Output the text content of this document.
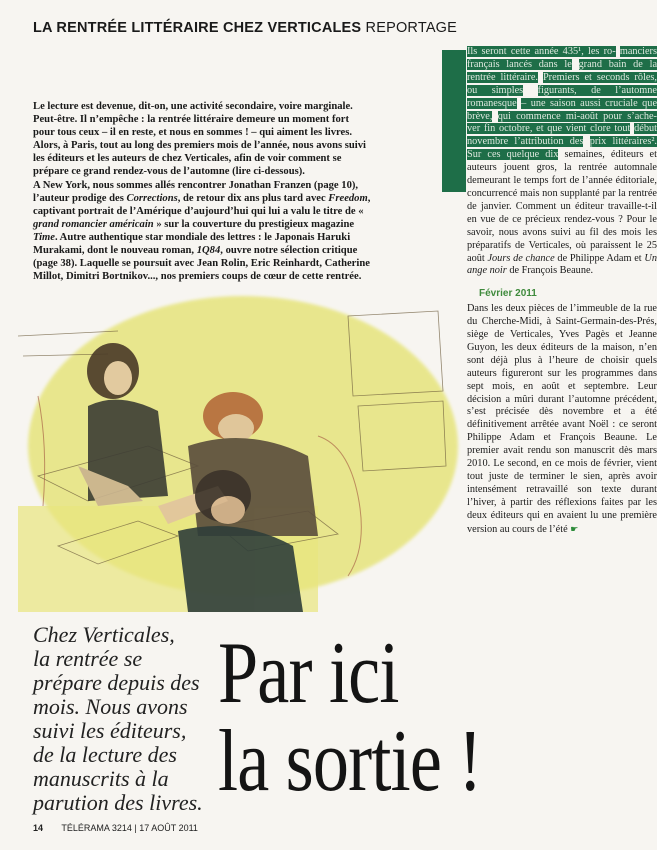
LA RENTRÉE LITTÉRAIRE CHEZ VERTICALES REPORTAGE

Le lecture est devenue, dit-on, une activité secondaire, voire marginale. Peut-être. Il n’empêche : la rentrée littéraire demeure un moment fort pour tous ceux – il en reste, et nous en sommes ! – qui aiment les livres. Alors, à Paris, tout au long des premiers mois de l’année, nous avons suivi les éditeurs et les auteurs de chez Verticales, afin de voir comment se prépare ce grand rendez-vous de l’automne (lire ci-dessous).

A New York, nous sommes allés rencontrer Jonathan Franzen (page 10), l’auteur prodige des Corrections, de retour dix ans plus tard avec Freedom, captivant portrait de l’Amérique d’aujourd’hui qui lui a valu le titre de « grand romancier américain » sur la couverture du prestigieux magazine Time. Autre authentique star mondiale des lettres : le Japonais Haruki Murakami, dont le nouveau roman, 1Q84, ouvre notre sélection critique (page 38). Laquelle se poursuit avec Jean Rolin, Eric Reinhardt, Catherine Millot, Dimitri Bortnikov..., nos premiers coups de cœur de cette rentrée.

Ils seront cette année 435¹, les ro- manciers français lancés dans le grand bain de la rentrée littéraire. Premiers et seconds rôles, ou simples figurants, de l’automne romanesque – une saison aussi cruciale que brève, qui commence mi-août pour s’ache- ver fin octobre, et que vient clore tout début novembre l’attribution des prix littéraires². Sur ces quelque dix semaines, éditeurs et auteurs jouent gros, la rentrée automnale demeurant le temps fort de l’année éditoriale, concurrencé mais non supplanté par la rentrée de janvier. Comment un éditeur travaille-t-il en vue de ce précieux rendez-vous ? Pour le savoir, nous avons suivi au fil des mois les préparatifs de Verticales, où paraissent le 25 août Jours de chance de Philippe Adam et Un ange noir de François Beaune.

Février 2011

Dans les deux pièces de l’immeuble de la rue du Cherche-Midi, à Saint-Germain-des-Prés, siège de Verticales, Yves Pagès et Jeanne Guyon, les deux éditeurs de la maison, n’en sont déjà plus à l’heure de choisir quels auteurs figureront sur les programmes dans sept mois, en août et septembre. Leur décision a mûri durant l’automne précédent, s’est précisée dès novembre et a été définitivement arrêtée avant Noël : ce seront Philippe Adam et François Beaune. Le premier avait rendu son manuscrit dès mars 2010. Le second, en ce mois de février, vient tout juste de terminer le sien, après avoir intensément retravaillé son texte durant l’hiver, à partir des réflexions faites par les deux éditeurs qui en avaient lu une première version au cours de l’été ☛

Chez Verticales,
la rentrée se
prépare depuis des
mois. Nous avons
suivi les éditeurs,
de la lecture des
manuscrits à la
parution des livres.
Par ici
la sortie !
14 TÉLÉRAMA 3214 | 17 AOÛT 2011
